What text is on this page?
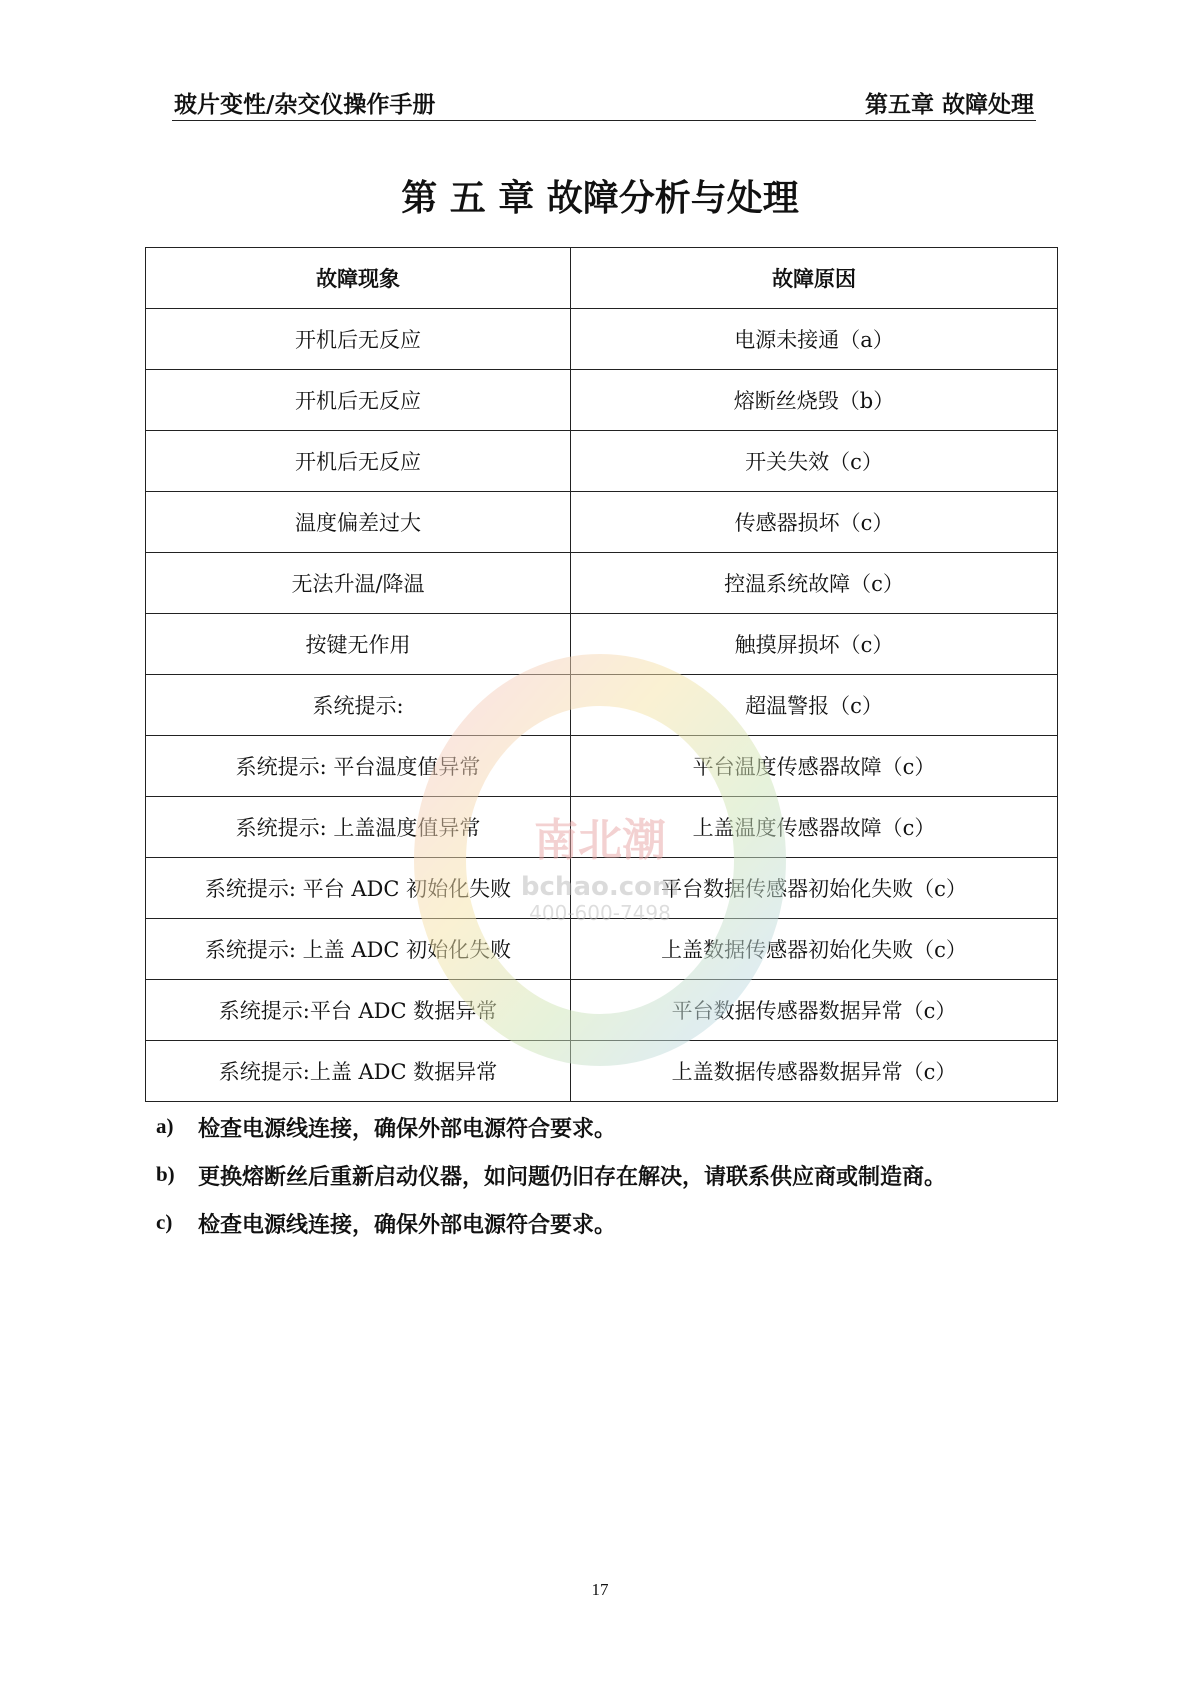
玻片变性/杂交仪操作手册	第五章 故障处理
第 五 章 故障分析与处理
故障现象	故障原因
开机后无反应	电源未接通（a）
开机后无反应	熔断丝烧毁（b）
开机后无反应	开关失效（c）
温度偏差过大	传感器损坏（c）
无法升温/降温	控温系统故障（c）
按键无作用	触摸屏损坏（c）
系统提示:	超温警报（c）
系统提示: 平台温度值异常	平台温度传感器故障（c）
系统提示: 上盖温度值异常	上盖温度传感器故障（c）
系统提示: 平台 ADC 初始化失败	平台数据传感器初始化失败（c）
系统提示: 上盖 ADC 初始化失败	上盖数据传感器初始化失败（c）
系统提示:平台 ADC 数据异常	平台数据传感器数据异常（c）
系统提示:上盖 ADC 数据异常	上盖数据传感器数据异常（c）
南北潮
bchao.com
400-600-7498
a) 检查电源线连接，确保外部电源符合要求。
b) 更换熔断丝后重新启动仪器，如问题仍旧存在解决，请联系供应商或制造商。
c) 检查电源线连接，确保外部电源符合要求。
17
